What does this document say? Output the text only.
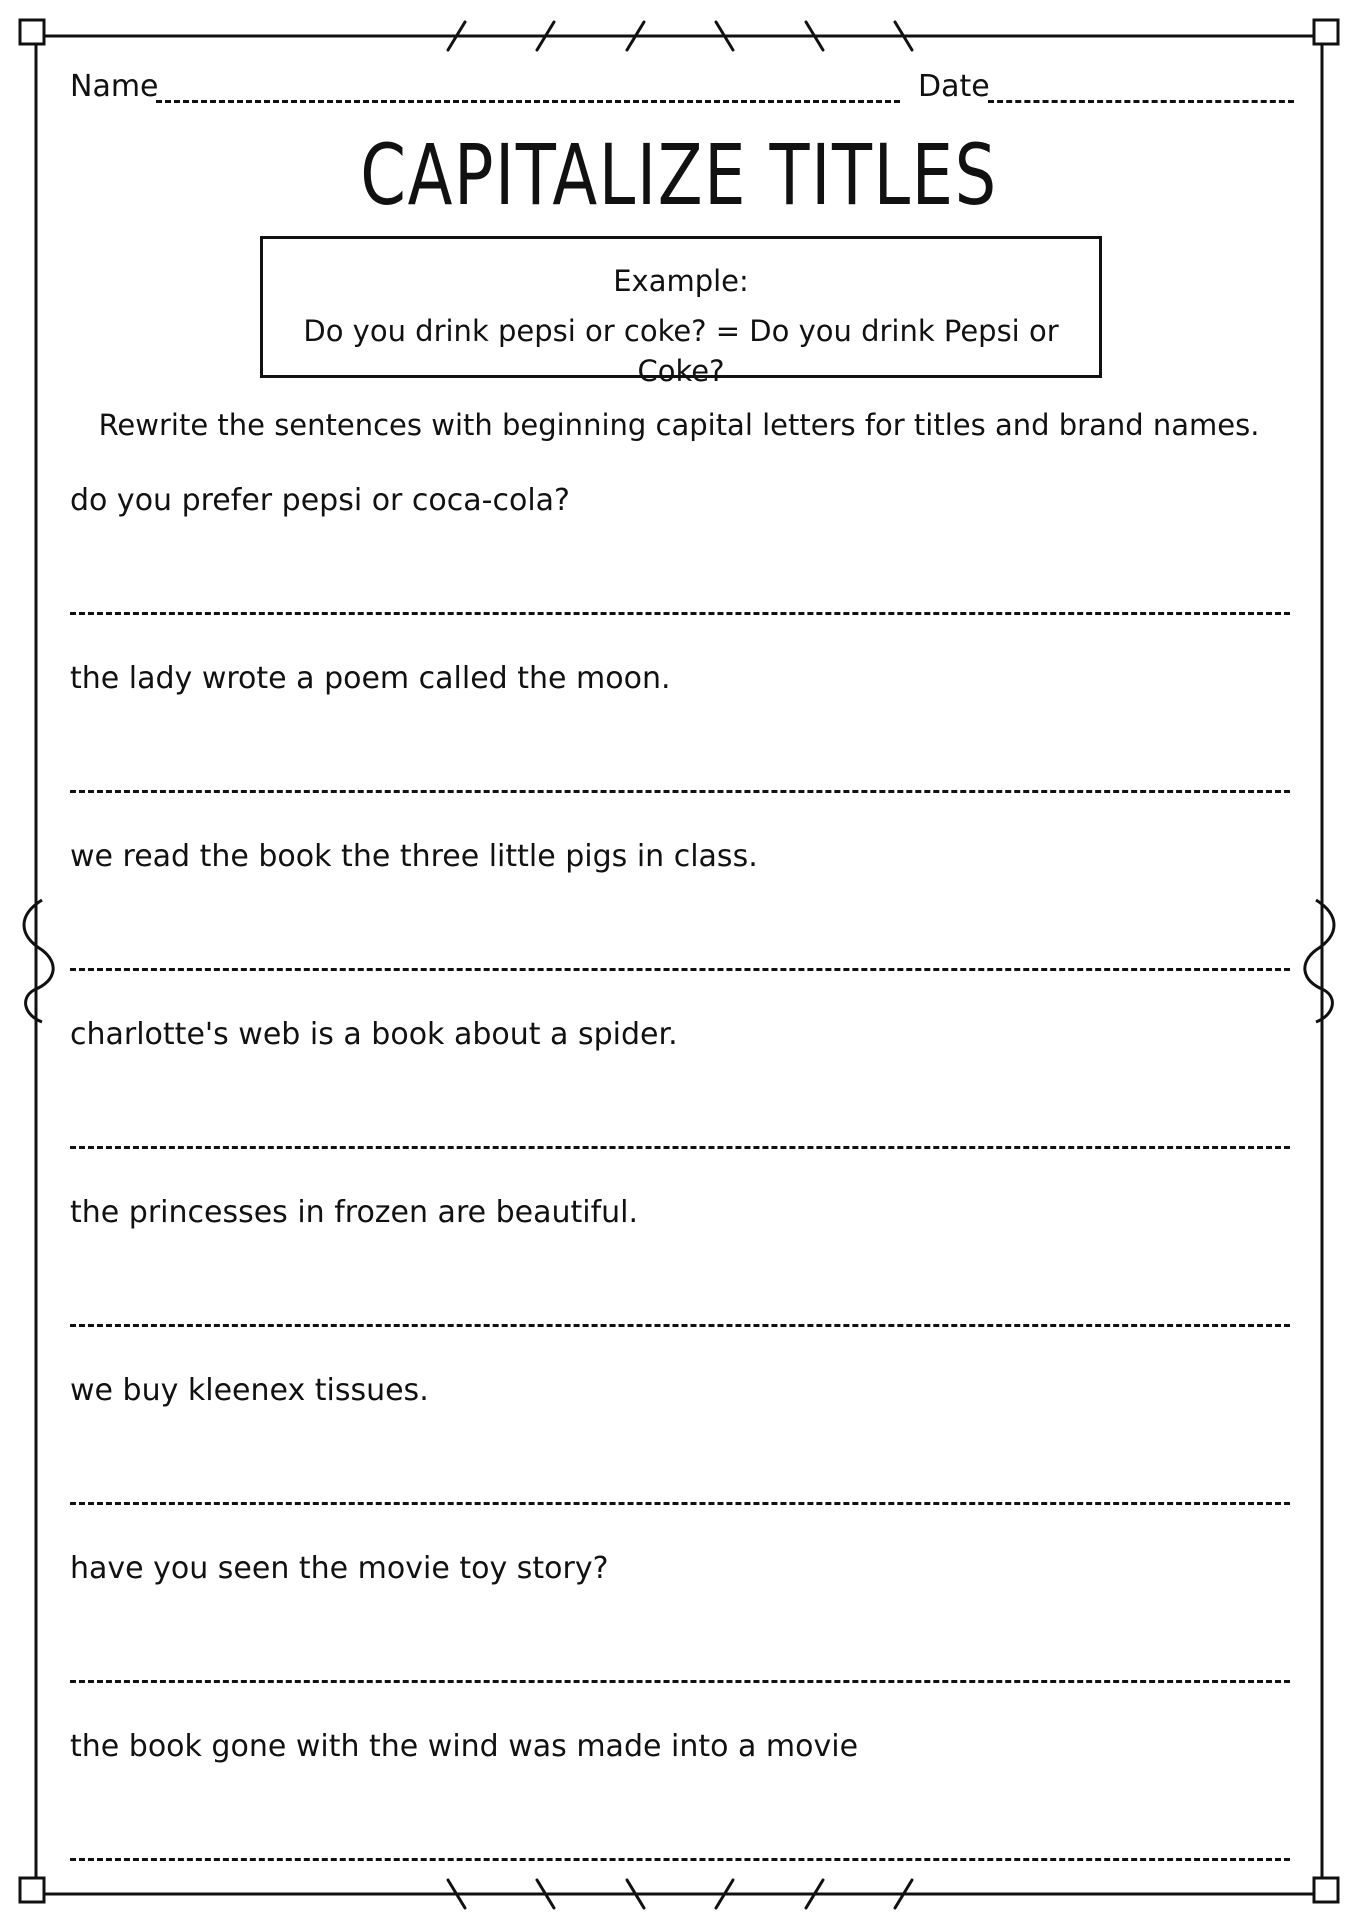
Name	Date
CAPITALIZE TITLES
Example:
Do you drink pepsi or coke? = Do you drink Pepsi or Coke?
Rewrite the sentences with beginning capital letters for titles and brand names.
do you prefer pepsi or coca-cola?
the lady wrote a poem called the moon.
we read the book the three little pigs in class.
charlotte's web is a book about a spider.
the princesses in frozen are beautiful.
we buy kleenex tissues.
have you seen the movie toy story?
the book gone with the wind was made into a movie
